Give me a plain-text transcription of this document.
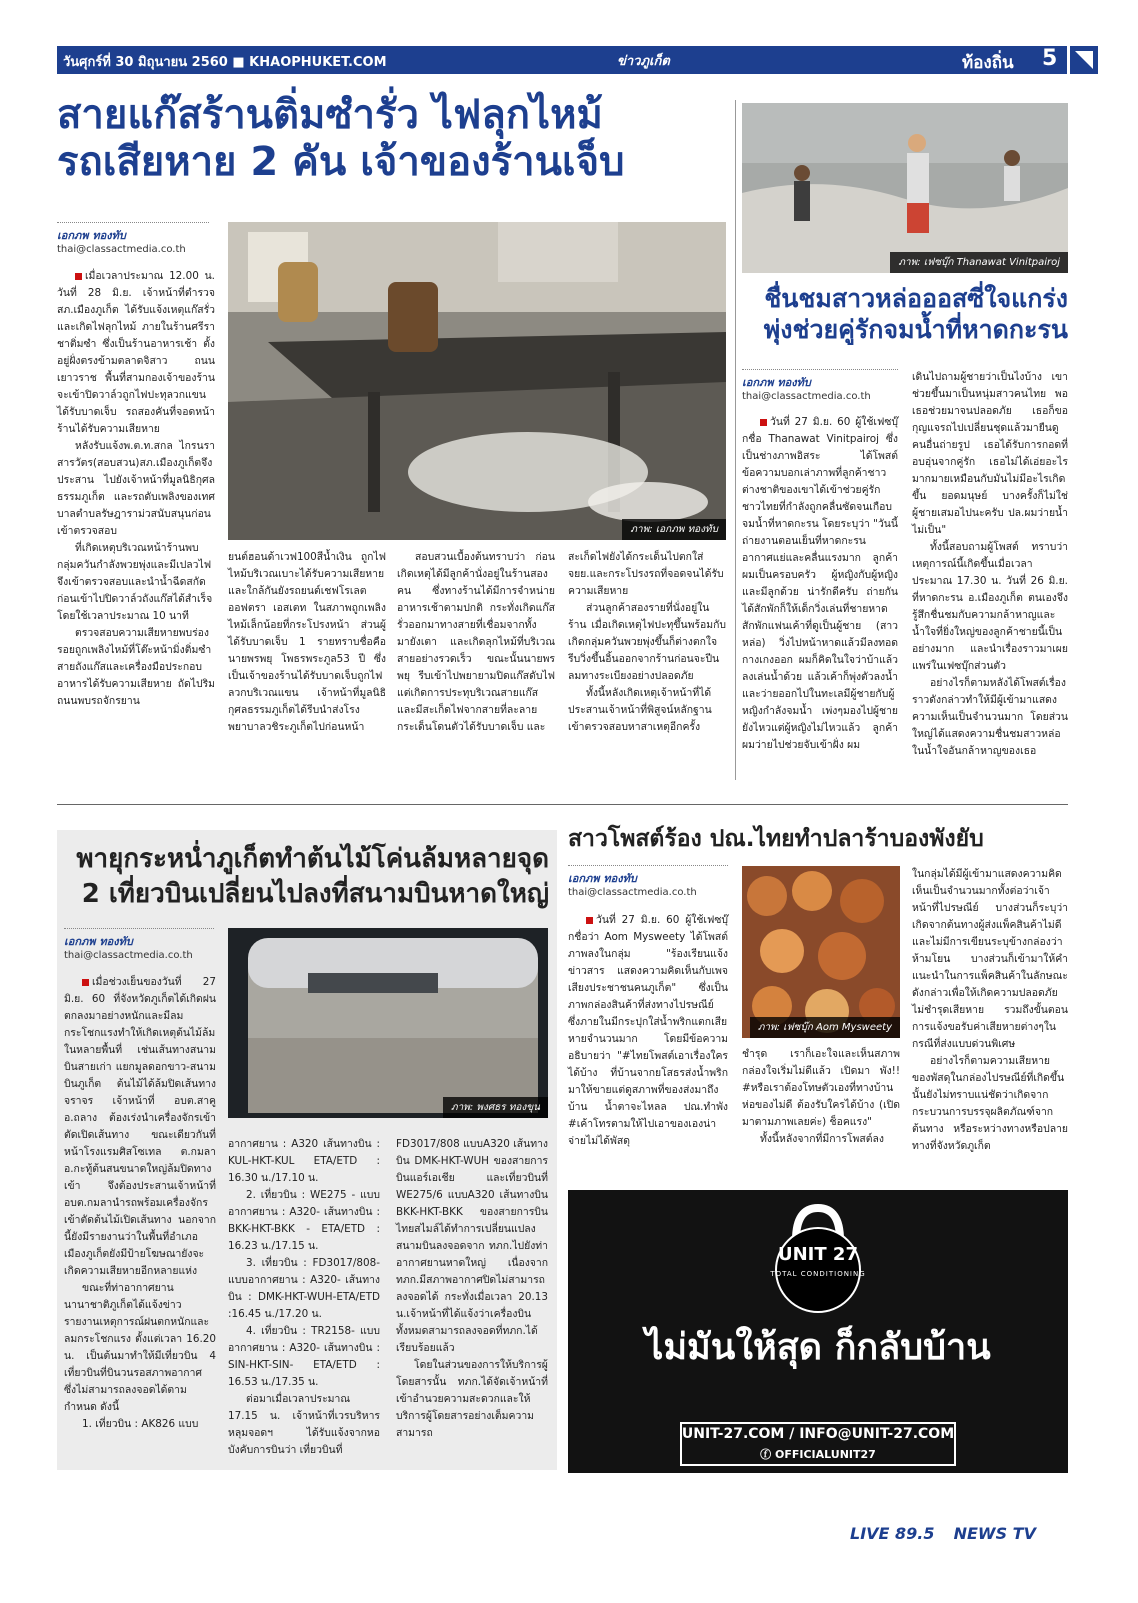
วันศุกร์ที่ 30 มิถุนายน 2560 ■ KHAOPHUKET.COM	ข่าวภูเก็ต	ท้องถิ่น 5
สายแก๊สร้านติ่มซำรั่ว ไฟลุกไหม้
รถเสียหาย 2 คัน เจ้าของร้านเจ็บ
เอกภพ ทองทับ
thai@classactmedia.co.th
ภาพ: เอกภพ ทองทับ

เมื่อเวลาประมาณ 12.00 น. วันที่ 28 มิ.ย. เจ้าหน้าที่ตำรวจ สภ.เมืองภูเก็ต ได้รับแจ้งเหตุแก๊สรั่ว และเกิดไฟลุกไหม้ ภายในร้านศรีราชาติ่มซำ ซึ่งเป็นร้านอาหารเช้า ตั้งอยู่ฝั่งตรงข้ามตลาดจิสาว ถนนเยาวราช พื้นที่สามกองเจ้าของร้านจะเข้าปิดวาล์วถูกไฟปะทุลวกแขนได้รับบาดเจ็บ รถสองคันที่จอดหน้าร้านได้รับความเสียหาย

หลังรับแจ้งพ.ต.ท.สกล ไกรนราสารวัตร(สอบสวน)สภ.เมืองภูเก็ตจึงประสาน ไปยังเจ้าหน้าที่มูลนิธิกุศลธรรมภูเก็ต และรถดับเพลิงของเทศบาลตำบลรัษฎาราม่วสนับสนุนก่อนเข้าตรวจสอบ

ที่เกิดเหตุบริเวณหน้าร้านพบกลุ่มควันกำลังพวยพุ่งและมีเปลวไฟ จึงเข้าตรวจสอบและนำน้ำฉีดสกัด ก่อนเข้าไปปิดวาล์วถังแก๊สได้สำเร็จ โดยใช้เวลาประมาณ 10 นาที

ตรวจสอบความเสียหายพบร่องรอยถูกเพลิงไหม้ที่โต๊ะหน้ามิ่งติ่มซำ สายถังแก๊สและเครื่องมือประกอบอาหารได้รับความเสียหาย ถัดไปริมถนนพบรถจักรยาน

ยนต์ฮอนด้าเวฟ100สีน้ำเงิน ถูกไฟไหม้บริเวณเบาะได้รับความเสียหาย และใกล้กันยังรถยนต์เชฟโรเลตออฟตรา เอสเตท ในสภาพถูกเพลิงไหม้เล็กน้อยที่กระโปรงหน้า ส่วนผู้ได้รับบาดเจ็บ 1 รายทราบชื่อคือ นายพรพยุ โพธรพระภูล53 ปี ซึ่งเป็นเจ้าของร้านได้รับบาดเจ็บถูกไฟลวกบริเวณแขน เจ้าหน้าที่มูลนิธิกุศลธรรมภูเก็ตได้รีบนำส่งโรงพยาบาลวชิระภูเก็ตไปก่อนหน้า

สอบสวนเบื้องต้นทราบว่า ก่อนเกิดเหตุได้มีลูกค้านั่งอยู่ในร้านสองคน ซึ่งทางร้านได้มีการจำหน่ายอาหารเช้าตามปกติ กระทั่งเกิดแก๊สรั่วออกมาทางสายที่เชื่อมจากทั้งมายังเตา และเกิดลุกไหม้ที่บริเวณสายอย่างรวดเร็ว ขณะนั้นนายพรพยุ รีบเข้าไปพยายามปิดแก๊สดับไฟแต่เกิดการประทุบริเวณสายแก๊สและมีสะเก็ดไฟจากสายที่ละลายกระเด็นโดนตัวได้รับบาดเจ็บ และ

สะเก็ดไฟยังได้กระเด็นไปตกใส่จยย.และกระโปรงรถที่จอดจนได้รับความเสียหาย

ส่วนลูกค้าสองรายที่นั่งอยู่ในร้าน เมื่อเกิดเหตุไฟปะทุขึ้นพร้อมกับเกิดกลุ่มควันพวยพุ่งขึ้นก็ต่างตกใจรีบวิ่งขึ้นอิ้นออกจากร้านก่อนจะปีนลมทางระเบียงอย่างปลอดภัย

ทั้งนี้หลังเกิดเหตุเจ้าหน้าที่ได้ประสานเจ้าหน้าที่พิสูจน์หลักฐานเข้าตรวจสอบหาสาเหตุอีกครั้ง

ภาพ: เฟซบุ๊ก Thanawat Vinitpairoj
ชื่นชมสาวหล่อออสซี่ใจแกร่ง
พุ่งช่วยคู่รักจมน้ำที่หาดกะรน
เอกภพ ทองทับ
thai@classactmedia.co.th

วันที่ 27 มิ.ย. 60 ผู้ใช้เฟซบุ๊กชื่อ Thanawat Vinitpairoj ซึ่งเป็นช่างภาพอิสระ ได้โพสต์ข้อความบอกเล่าภาพที่ลูกค้าชาวต่างชาติของเขาได้เข้าช่วยคู่รักชาวไทยที่กำลังถูกคลื่นซัดจนเกือบจมน้ำที่หาดกะรน โดยระบุว่า "วันนี้ถ่ายงานตอนเย็นที่หาดกะรน อากาศแย่และคลื่นแรงมาก ลูกค้าผมเป็นครอบครัว ผู้หญิงกับผู้หญิงและมีลูกด้วย น่ารักดีครับ ถ่ายกันได้สักพักก็ให้เด็กวิ่งเล่นที่ชายหาด สักพักแฟนเค้าที่ดูเป็นผู้ชาย (สาวหล่อ) วิ่งไปหน้าหาดแล้วมีลงทอดกางเกงออก ผมก็คิดในใจว่าบ้าแล้ว ลงเล่นน้ำด้วย แล้วเค้าก็พุ่งตัวลงน้ำและว่ายออกไปในทะเลมีผู้ชายกับผู้หญิงกำลังจมน้ำ เพ่งๆมองไปผู้ชายยังไหวแต่ผู้หญิงไม่ไหวแล้ว ลูกค้าผมว่ายไปช่วยจับเข้าฝั่ง ผม

เดินไปถามผู้ชายว่าเป็นไงบ้าง เขาช่วยขึ้นมาเป็นหนุ่มสาวคนไทย พอเธอช่วยมาจนปลอดภัย เธอก็ขอกุญแจรถไปเปลี่ยนชุดแล้วมายืนดูคนอื่นถ่ายรูป เธอได้รับการกอดที่อบอุ่นจากคู่รัก เธอไม่ได้เอ่ยอะไรมากมายเหมือนกับมันไม่มีอะไรเกิดขึ้น ยอดมนุษย์ บางครั้งก็ไม่ใช่ผู้ชายเสมอไปนะครับ ปล.ผมว่ายน้ำไม่เป็น"

ทั้งนี้สอบถามผู้โพสต์ ทราบว่าเหตุการณ์นี้เกิดขึ้นเมื่อเวลาประมาณ 17.30 น. วันที่ 26 มิ.ย. ที่หาดกะรน อ.เมืองภูเก็ต ตนเองจึงรู้สึกชื่นชมกับความกล้าหาญและน้ำใจที่ยิ่งใหญ่ของลูกค้าชายนี้เป็นอย่างมาก และนำเรื่องราวมาเผยแพร่ในเฟซบุ๊กส่วนตัว

อย่างไรก็ตามหลังได้โพสต์เรื่องราวดังกล่าวทำให้มีผู้เข้ามาแสดงความเห็นเป็นจำนวนมาก โดยส่วนใหญ่ได้แสดงความชื่นชมสาวหล่อในน้ำใจอันกล้าหาญของเธอ

พายุกระหน่ำภูเก็ตทำต้นไม้โค่นล้มหลายจุด
2 เที่ยวบินเปลี่ยนไปลงที่สนามบินหาดใหญ่
เอกภพ ทองทับ
thai@classactmedia.co.th
ภาพ: พงศธร ทองขุน

เมื่อช่วงเย็นของวันที่ 27 มิ.ย. 60 ที่จังหวัดภูเก็ตได้เกิดฝนตกลงมาอย่างหนักและมีลมกระโชกแรงทำให้เกิดเหตุต้นไม้ล้มในหลายพื้นที่ เช่นเส้นทางสนามบินสายเก่า แยกมูลดอกขาว-สนามบินภูเก็ต ต้นไม้ได้ล้มปิดเส้นทางจราจร เจ้าหน้าที่ อบต.สาคู อ.ถลาง ต้องเร่งนำเครื่องจักรเข้าตัดเปิดเส้นทาง ขณะเดียวกันที่หน้าโรงแรมศิสโซเทล ต.กมลา อ.กะทู้ต้นสนขนาดใหญ่ล้มปิดทางเข้า จึงต้องประสานเจ้าหน้าที่อบต.กมลานำรถพร้อมเครื่องจักรเข้าตัดต้นไม้เปิดเส้นทาง นอกจากนี้ยังมีรายงานว่าในพื้นที่อำเภอเมืองภูเก็ตยังมีป้ายโฆษณายังจะเกิดความเสียหายอีกหลายแห่ง

ขณะที่ท่าอากาศยานนานาชาติภูเก็ตได้แจ้งข่าวรายงานเหตุการณ์ฝนตกหนักและลมกระโชกแรง ตั้งแต่เวลา 16.20 น. เป็นต้นมาทำให้มีเที่ยวบิน 4 เที่ยวบินที่บินวนรอสภาพอากาศ ซึ่งไม่สามารถลงจอดได้ตามกำหนด ดังนี้

1. เที่ยวบิน : AK826 แบบ

อากาศยาน : A320 เส้นทางบิน : KUL-HKT-KUL ETA/ETD : 16.30 น./17.10 น.

2. เที่ยวบิน : WE275 - แบบอากาศยาน : A320- เส้นทางบิน : BKK-HKT-BKK - ETA/ETD : 16.23 น./17.15 น.

3. เที่ยวบิน : FD3017/808- แบบอากาศยาน : A320- เส้นทางบิน : DMK-HKT-WUH-ETA/ETD :16.45 น./17.20 น.

4. เที่ยวบิน : TR2158- แบบอากาศยาน : A320- เส้นทางบิน : SIN-HKT-SIN- ETA/ETD : 16.53 น./17.35 น.

ต่อมาเมื่อเวลาประมาณ 17.15 น. เจ้าหน้าที่เวรบริหารหลุมจอดฯ ได้รับแจ้งจากหอบังคับการบินว่า เที่ยวบินที่

FD3017/808 แบบA320 เส้นทางบิน DMK-HKT-WUH ของสายการบินแอร์เอเชีย และเที่ยวบินที่ WE275/6 แบบA320 เส้นทางบิน BKK-HKT-BKK ของสายการบินไทยสไมล์ได้ทำการเปลี่ยนแปลงสนามบินลงจอดจาก ทภก.ไปยังท่าอากาศยานหาดใหญ่ เนื่องจาก ทภก.มีสภาพอากาศปิดไม่สามารถลงจอดได้ กระทั่งเมื่อเวลา 20.13 น.เจ้าหน้าที่ได้แจ้งว่าเครื่องบินทั้งหมดสามารถลงจอดที่ทภก.ได้เรียบร้อยแล้ว

โดยในส่วนของการให้บริการผู้โดยสารนั้น ทภก.ได้จัดเจ้าหน้าที่เข้าอำนวยความสะดวกและให้บริการผู้โดยสารอย่างเต็มความสามารถ

สาวโพสต์ร้อง ปณ.ไทยทำปลาร้าบองพังยับ
เอกภพ ทองทับ
thai@classactmedia.co.th
ภาพ: เฟซบุ๊ก Aom Mysweety

วันที่ 27 มิ.ย. 60 ผู้ใช้เฟซบุ๊กชื่อว่า Aom Mysweety ได้โพสต์ภาพลงในกลุ่ม "ร้องเรียนแจ้งข่าวสาร แสดงความคิดเห็นกับเพจเสียงประชาชนคนภูเก็ต" ซึ่งเป็นภาพกล่องสินค้าที่ส่งทางไปรษณีย์ ซึ่งภายในมีกระปุกใส่น้ำพริกแตกเสียหายจำนวนมาก โดยมีข้อความอธิบายว่า "#ไทยโพสต์เอาเรื่องใครได้บ้าง ที่บ้านจากยโสธรส่งน้ำพริกมาให้ขายแต่ดูสภาพที่ของส่งมาถึงบ้าน น้ำตาจะไหลล ปณ.ทำพัง #เค้าโทรตามให้ไปเอาของเองน่าจ่ายไม่ได้พัสดุ

ชำรุด เราก็เอะใจและเห็นสภาพกล่องใจเริ่มไม่ดีแล้ว เปิดมา พัง!! #หรือเราต้องโทษตัวเองที่ทางบ้านห่อของไม่ดี ต้องรับใครได้บ้าง (เปิดมาตามภาพเลยค่ะ) ช็อคแรง"

ทั้งนี้หลังจากที่มีการโพสต์ลง

ในกลุ่มได้มีผู้เข้ามาแสดงความคิดเห็นเป็นจำนวนมากทั้งต่อว่าเจ้าหน้าที่ไปรษณีย์ บางส่วนก็ระบุว่าเกิดจากต้นทางผู้ส่งแพ็คสินค้าไม่ดีและไม่มีการเขียนระบุข้างกล่องว่าห้ามโยน บางส่วนก็เข้ามาให้คำแนะนำในการแพ็คสินค้าในลักษณะดังกล่าวเพื่อให้เกิดความปลอดภัย ไม่ชำรุดเสียหาย รวมถึงขั้นตอนการแจ้งขอรับค่าเสียหายต่างๆในกรณีที่ส่งแบบด่วนพิเศษ

อย่างไรก็ตามความเสียหายของพัสดุในกล่องไปรษณีย์ที่เกิดขึ้นนั้นยังไม่ทราบแน่ชัดว่าเกิดจากกระบวนการบรรจุผลิตภัณฑ์จากต้นทาง หรือระหว่างทางหรือปลายทางที่จังหวัดภูเก็ต

UNIT 27
TOTAL CONDITIONING
ไม่มันให้สุด ก็กลับบ้าน
UNIT-27.COM / INFO@UNIT-27.COM
ⓕ OFFICIALUNIT27
LIVE 89.5 NEWS TV
